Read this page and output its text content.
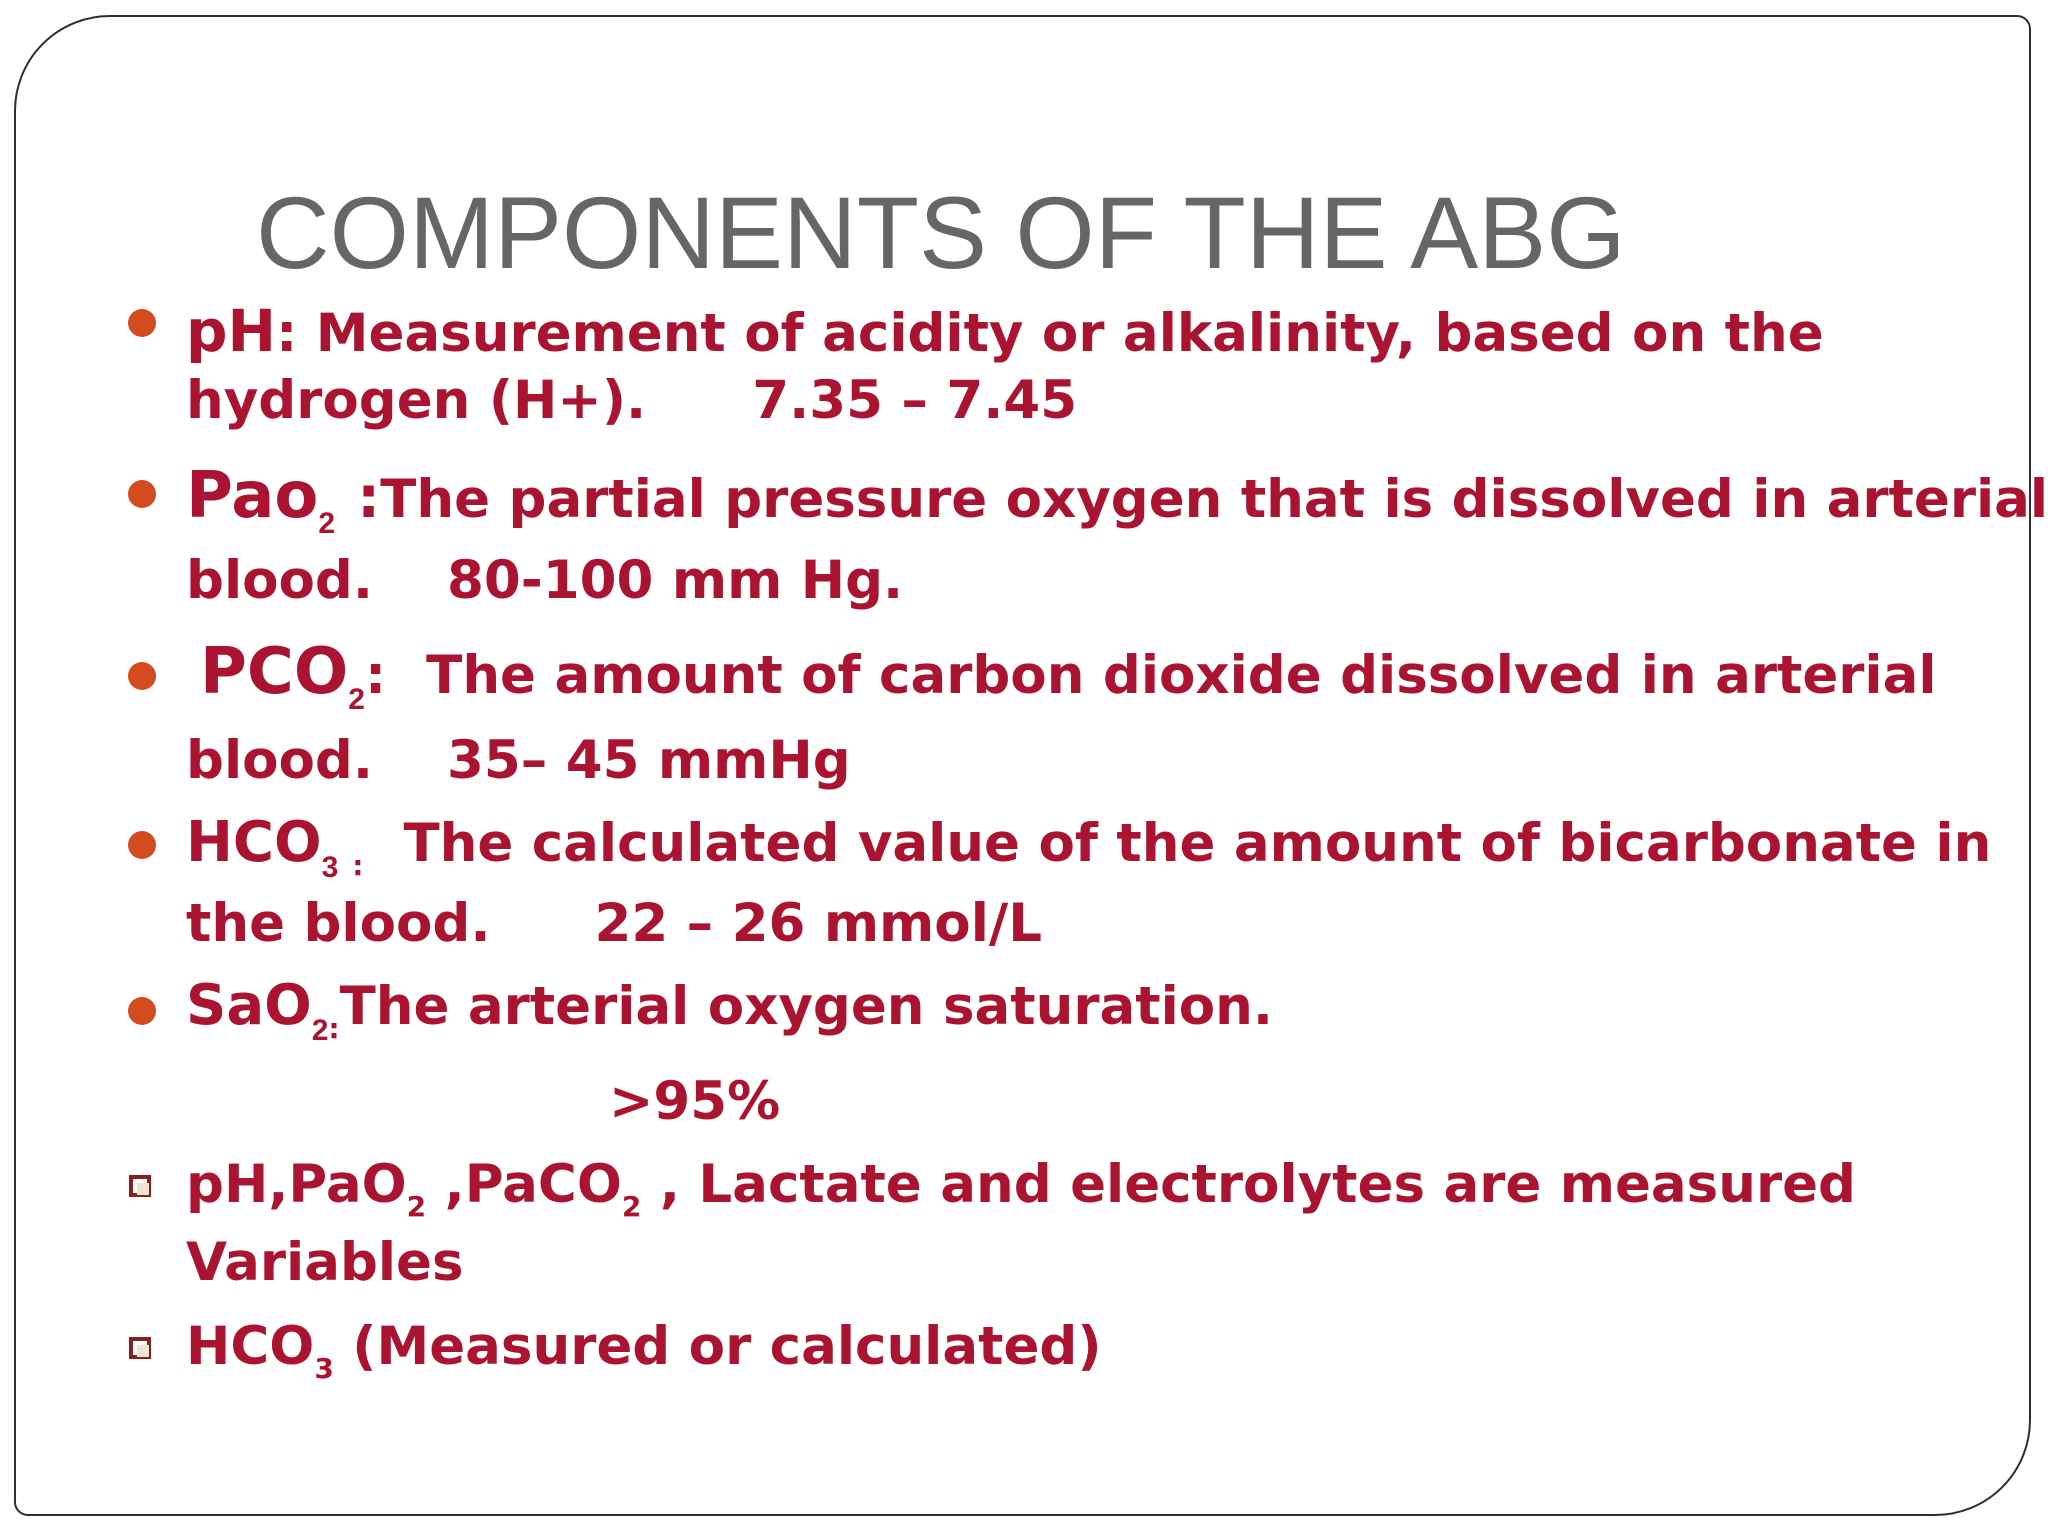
COMPONENTS OF THE ABG
pH: Measurement of acidity or alkalinity, based on the
hydrogen (H+). 7.35 – 7.45
Pao$_2$ :The partial pressure oxygen that is dissolved in arterial
blood. 80-100 mm Hg.
$PCO_2$: The amount of carbon dioxide dissolved in arterial
blood. 35– 45 mmHg
$HCO_3$ $_:$ The calculated value of the amount of bicarbonate in
the blood. 22 – 26 mmol/L
SaO$_{2:}$The arterial oxygen saturation.
>95%
pH,PaO$_2$ ,PaCO$_2$ , Lactate and electrolytes are measured
Variables
$HCO_3$ (Measured or calculated)
